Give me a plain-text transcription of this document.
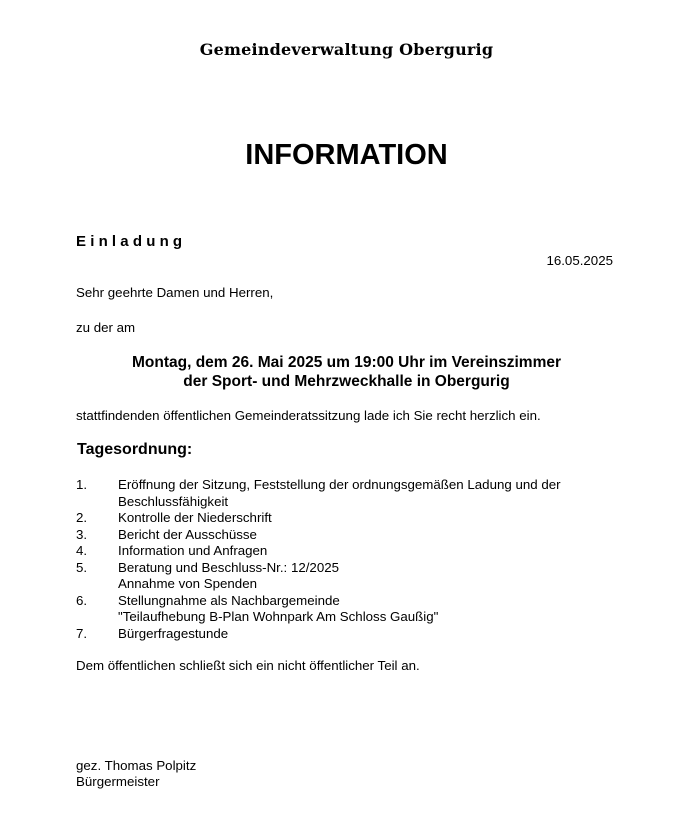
Gemeindeverwaltung Obergurig
INFORMATION
Einladung
16.05.2025
Sehr geehrte Damen und Herren,
zu der am
Montag, dem 26. Mai 2025 um 19:00 Uhr im Vereinszimmer
der Sport- und Mehrzweckhalle in Obergurig
stattfindenden öffentlichen Gemeinderatssitzung lade ich Sie recht herzlich ein.
Tagesordnung:
1. Eröffnung der Sitzung, Feststellung der ordnungsgemäßen Ladung und der
Beschlussfähigkeit
2. Kontrolle der Niederschrift
3. Bericht der Ausschüsse
4. Information und Anfragen
5. Beratung und Beschluss-Nr.: 12/2025
Annahme von Spenden
6. Stellungnahme als Nachbargemeinde
"Teilaufhebung B-Plan Wohnpark Am Schloss Gaußig"
7. Bürgerfragestunde
Dem öffentlichen schließt sich ein nicht öffentlicher Teil an.
gez. Thomas Polpitz
Bürgermeister
